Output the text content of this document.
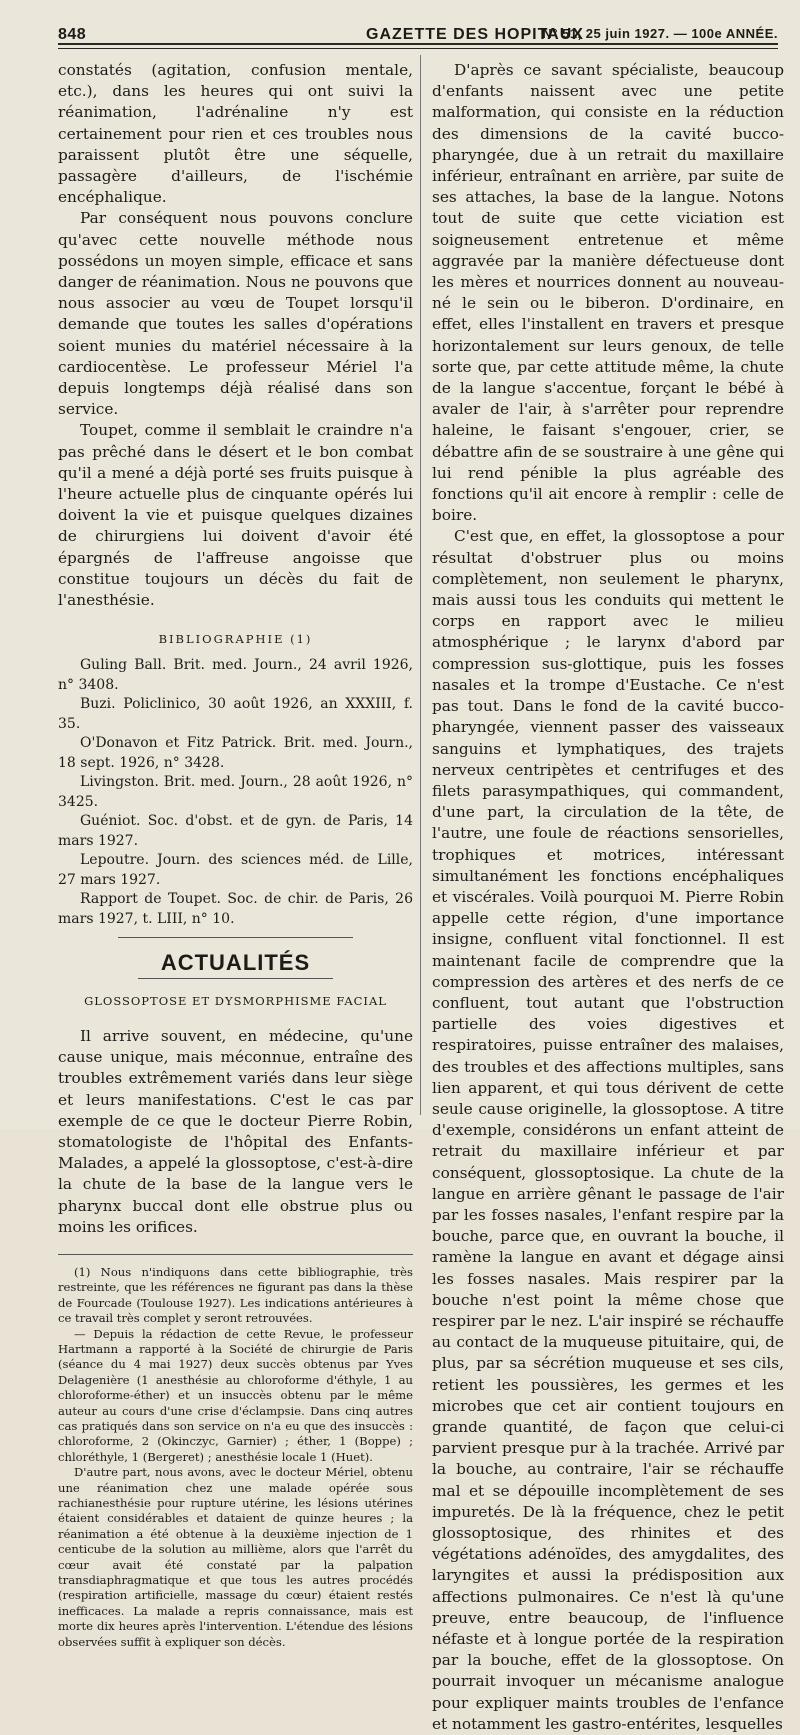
848	GAZETTE DES HOPITAUX
N° 51, 25 juin 1927. — 100e ANNÉE.

constatés (agitation, confusion mentale, etc.), dans les heures qui ont suivi la réanimation, l'adrénaline n'y est certainement pour rien et ces troubles nous paraissent plutôt être une séquelle, passagère d'ailleurs, de l'ischémie encéphalique.

Par conséquent nous pouvons conclure qu'avec cette nouvelle méthode nous possédons un moyen simple, efficace et sans danger de réanimation. Nous ne pouvons que nous associer au vœu de Toupet lorsqu'il demande que toutes les salles d'opérations soient munies du matériel nécessaire à la cardiocentèse. Le professeur Mériel l'a depuis longtemps déjà réalisé dans son service.

Toupet, comme il semblait le craindre n'a pas prêché dans le désert et le bon combat qu'il a mené a déjà porté ses fruits puisque à l'heure actuelle plus de cinquante opérés lui doivent la vie et puisque quelques dizaines de chirurgiens lui doivent d'avoir été épargnés de l'affreuse angoisse que constitue toujours un décès du fait de l'anesthésie.

BIBLIOGRAPHIE (1)

Guling Ball. Brit. med. Journ., 24 avril 1926, n° 3408.

Buzi. Policlinico, 30 août 1926, an XXXIII, f. 35.

O'Donavon et Fitz Patrick. Brit. med. Journ., 18 sept. 1926, n° 3428.

Livingston. Brit. med. Journ., 28 août 1926, n° 3425.

Guéniot. Soc. d'obst. et de gyn. de Paris, 14 mars 1927.

Lepoutre. Journ. des sciences méd. de Lille, 27 mars 1927.

Rapport de Toupet. Soc. de chir. de Paris, 26 mars 1927, t. LIII, n° 10.

ACTUALITÉS
GLOSSOPTOSE ET DYSMORPHISME FACIAL

Il arrive souvent, en médecine, qu'une cause unique, mais méconnue, entraîne des troubles extrêmement variés dans leur siège et leurs manifestations. C'est le cas par exemple de ce que le docteur Pierre Robin, stomatologiste de l'hôpital des Enfants-Malades, a appelé la glossoptose, c'est-à-dire la chute de la base de la langue vers le pharynx buccal dont elle obstrue plus ou moins les orifices.

(1) Nous n'indiquons dans cette bibliographie, très restreinte, que les références ne figurant pas dans la thèse de Fourcade (Toulouse 1927). Les indications antérieures à ce travail très complet y seront retrouvées.

— Depuis la rédaction de cette Revue, le professeur Hartmann a rapporté à la Société de chirurgie de Paris (séance du 4 mai 1927) deux succès obtenus par Yves Delagenière (1 anesthésie au chloroforme d'éthyle, 1 au chloroforme-éther) et un insuccès obtenu par le même auteur au cours d'une crise d'éclampsie. Dans cinq autres cas pratiqués dans son service on n'a eu que des insuccès : chloroforme, 2 (Okinczyc, Garnier) ; éther, 1 (Boppe) ; chloréthyle, 1 (Bergeret) ; anesthésie locale 1 (Huet).

D'autre part, nous avons, avec le docteur Mériel, obtenu une réanimation chez une malade opérée sous rachianesthésie pour rupture utérine, les lésions utérines étaient considérables et dataient de quinze heures ; la réanimation a été obtenue à la deuxième injection de 1 centicube de la solution au millième, alors que l'arrêt du cœur avait été constaté par la palpation transdiaphragmatique et que tous les autres procédés (respiration artificielle, massage du cœur) étaient restés inefficaces. La malade a repris connaissance, mais est morte dix heures après l'intervention. L'étendue des lésions observées suffit à expliquer son décès.

D'après ce savant spécialiste, beaucoup d'enfants naissent avec une petite malformation, qui consiste en la réduction des dimensions de la cavité bucco-pharyngée, due à un retrait du maxillaire inférieur, entraînant en arrière, par suite de ses attaches, la base de la langue. Notons tout de suite que cette viciation est soigneusement entretenue et même aggravée par la manière défectueuse dont les mères et nourrices donnent au nouveau-né le sein ou le biberon. D'ordinaire, en effet, elles l'installent en travers et presque horizontalement sur leurs genoux, de telle sorte que, par cette attitude même, la chute de la langue s'accentue, forçant le bébé à avaler de l'air, à s'arrêter pour reprendre haleine, le faisant s'engouer, crier, se débattre afin de se soustraire à une gêne qui lui rend pénible la plus agréable des fonctions qu'il ait encore à remplir : celle de boire.

C'est que, en effet, la glossoptose a pour résultat d'obstruer plus ou moins complètement, non seulement le pharynx, mais aussi tous les conduits qui mettent le corps en rapport avec le milieu atmosphérique ; le larynx d'abord par compression sus-glottique, puis les fosses nasales et la trompe d'Eustache. Ce n'est pas tout. Dans le fond de la cavité bucco-pharyngée, viennent passer des vaisseaux sanguins et lymphatiques, des trajets nerveux centripètes et centrifuges et des filets parasympathiques, qui commandent, d'une part, la circulation de la tête, de l'autre, une foule de réactions sensorielles, trophiques et motrices, intéressant simultanément les fonctions encéphaliques et viscérales. Voilà pourquoi M. Pierre Robin appelle cette région, d'une importance insigne, confluent vital fonctionnel. Il est maintenant facile de comprendre que la compression des artères et des nerfs de ce confluent, tout autant que l'obstruction partielle des voies digestives et respiratoires, puisse entraîner des malaises, des troubles et des affections multiples, sans lien apparent, et qui tous dérivent de cette seule cause originelle, la glossoptose. A titre d'exemple, considérons un enfant atteint de retrait du maxillaire inférieur et par conséquent, glossoptosique. La chute de la langue en arrière gênant le passage de l'air par les fosses nasales, l'enfant respire par la bouche, parce que, en ouvrant la bouche, il ramène la langue en avant et dégage ainsi les fosses nasales. Mais respirer par la bouche n'est point la même chose que respirer par le nez. L'air inspiré se réchauffe au contact de la muqueuse pituitaire, qui, de plus, par sa sécrétion muqueuse et ses cils, retient les poussières, les germes et les microbes que cet air contient toujours en grande quantité, de façon que celui-ci parvient presque pur à la trachée. Arrivé par la bouche, au contraire, l'air se réchauffe mal et se dépouille incomplètement de ses impuretés. De là la fréquence, chez le petit glossoptosique, des rhinites et des végétations adénoïdes, des amygdalites, des laryngites et aussi la prédisposition aux affections pulmonaires. Ce n'est là qu'une preuve, entre beaucoup, de l'influence néfaste et à longue portée de la respiration par la bouche, effet de la glossoptose. On pourrait invoquer un mécanisme analogue pour expliquer maints troubles de l'enfance et notamment les gastro-entérites, lesquelles
